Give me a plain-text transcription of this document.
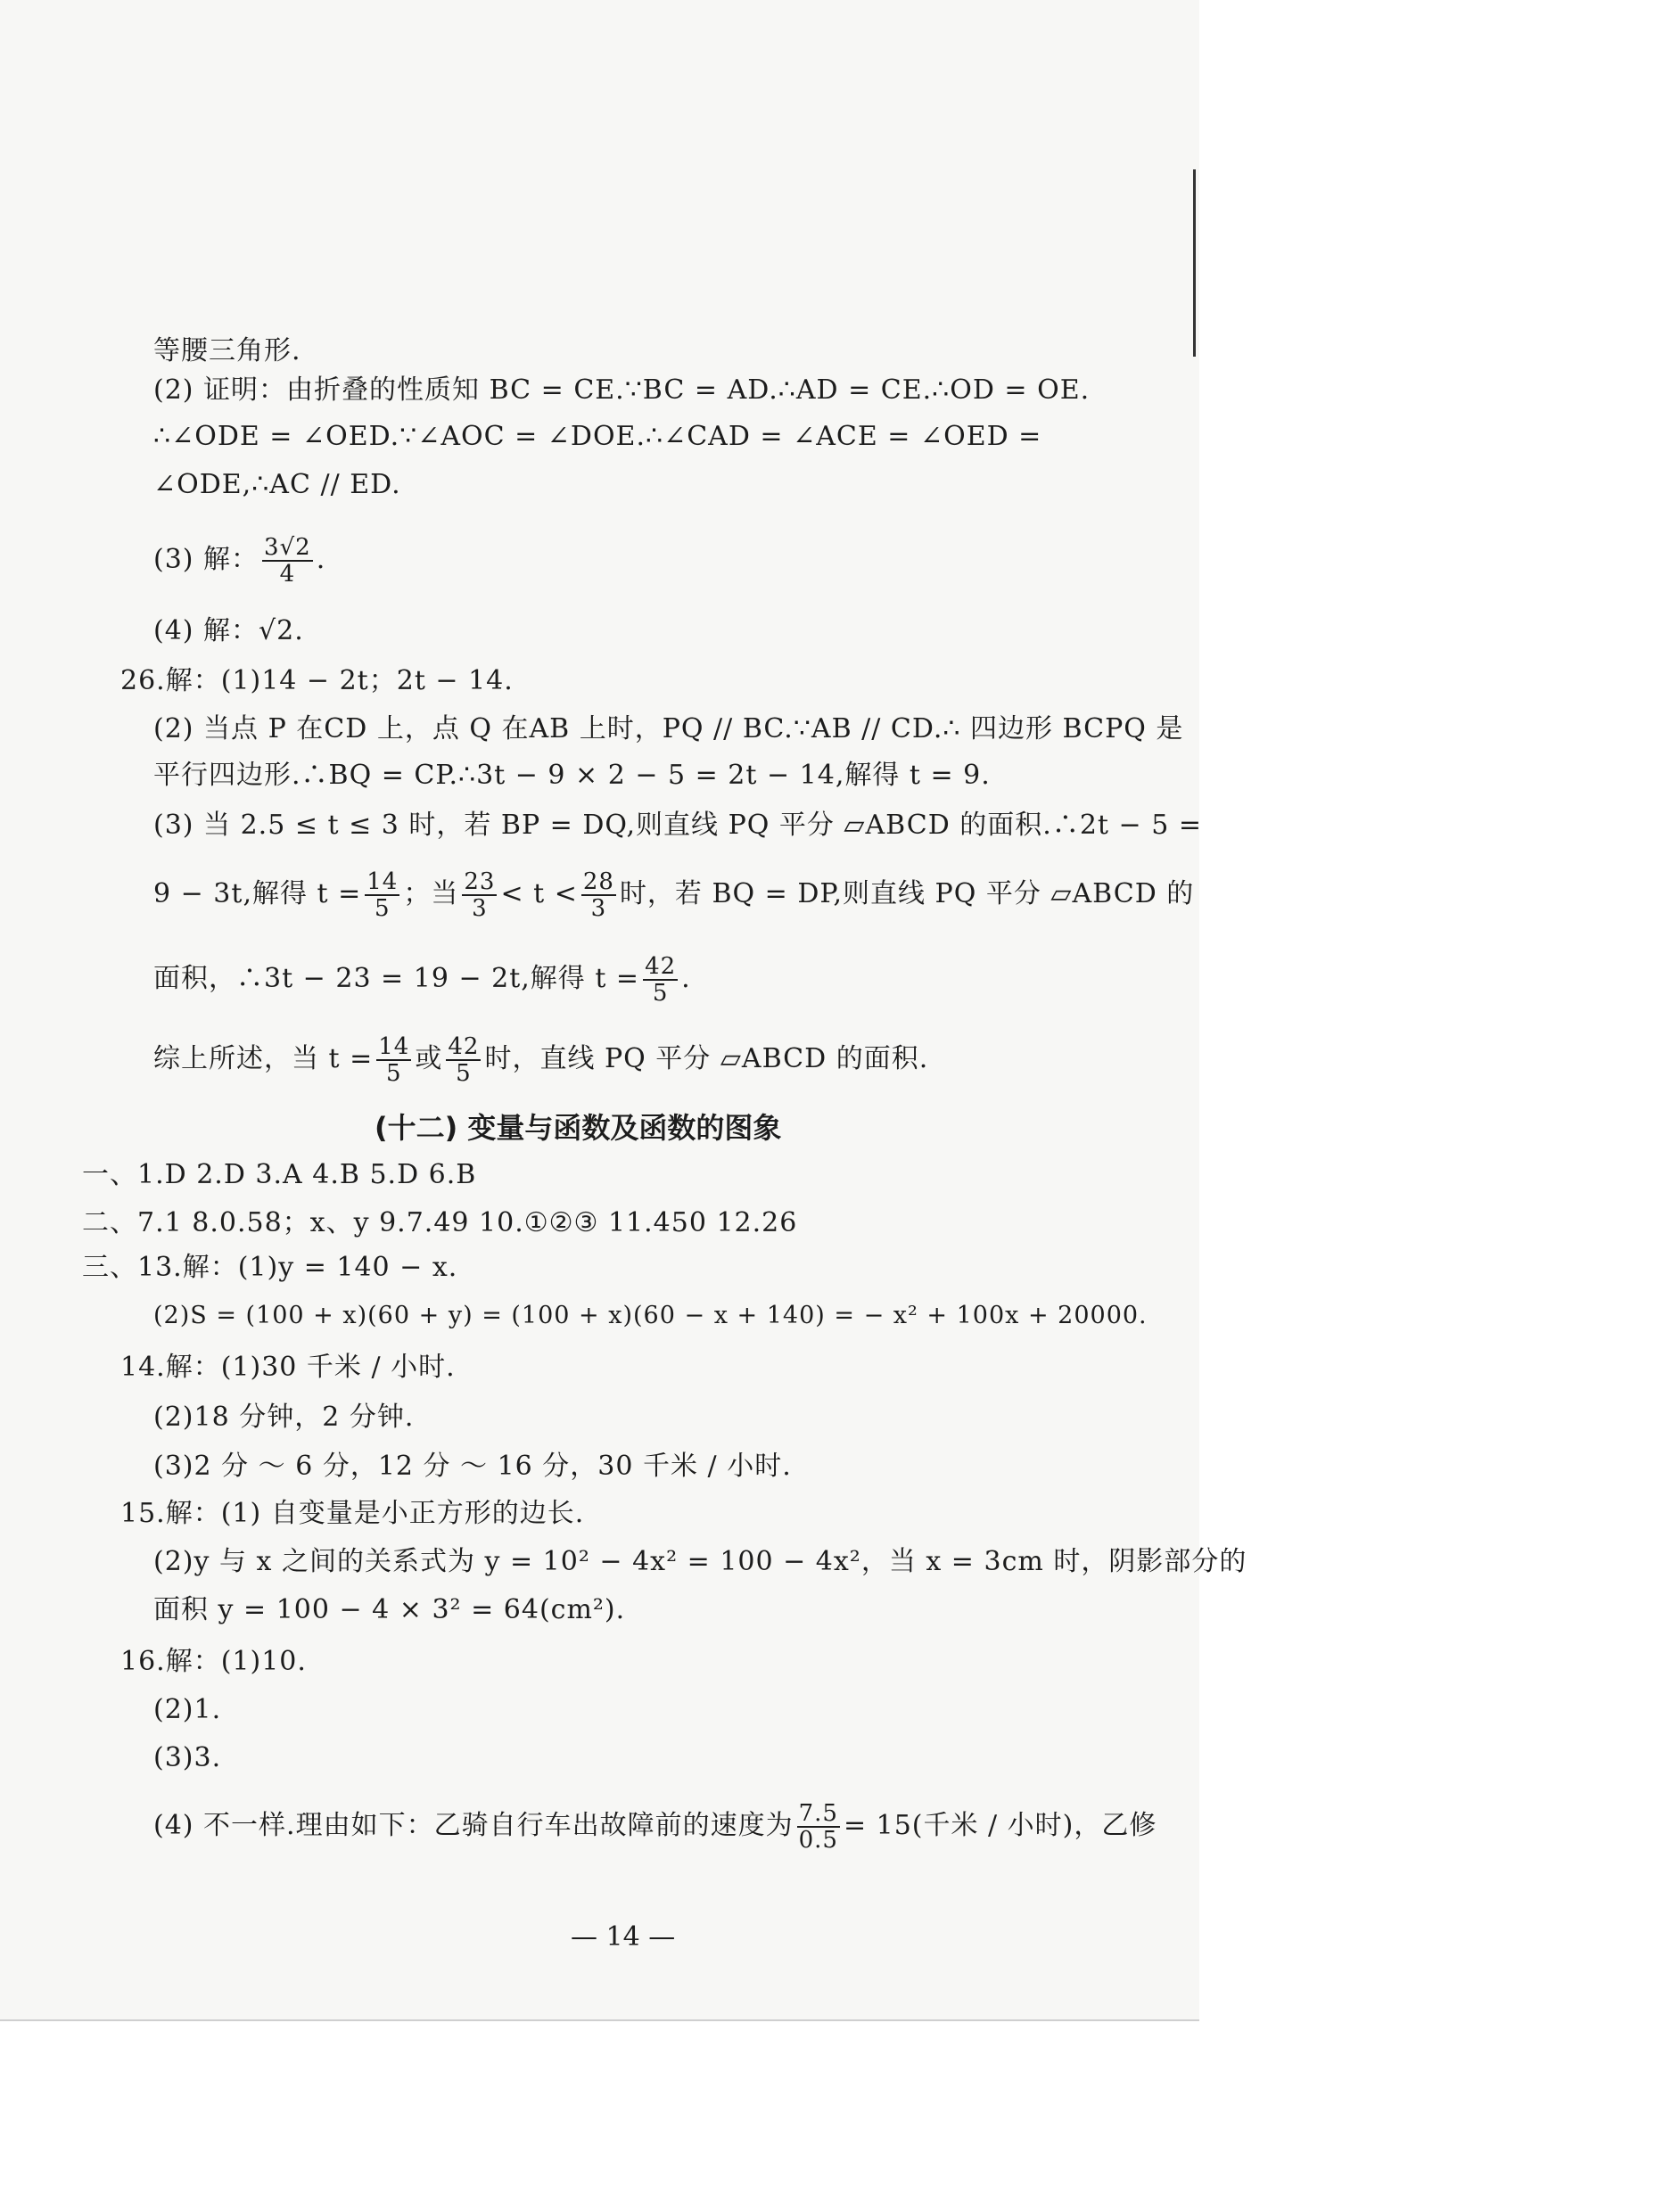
等腰三角形.
(2) 证明：由折叠的性质知 BC = CE.∵BC = AD.∴AD = CE.∴OD = OE.
∴∠ODE = ∠OED.∵∠AOC = ∠DOE.∴∠CAD = ∠ACE = ∠OED =
∠ODE,∴AC // ED.
(3) 解： $\frac{3√2}{4}$ .
(4) 解：√2.
26.解：(1)14 − 2t；2t − 14.
(2) 当点 P 在CD 上，点 Q 在AB 上时，PQ // BC.∵AB // CD.∴ 四边形 BCPQ 是
平行四边形.∴BQ = CP.∴3t − 9 × 2 − 5 = 2t − 14,解得 t = 9.
(3) 当 2.5 ≤ t ≤ 3 时，若 BP = DQ,则直线 PQ 平分 ▱ABCD 的面积.∴2t − 5 =
9 − 3t,解得 $t = \frac{14}{5}$ ；当 $\frac{23}{3} < t < \frac{28}{3}$ 时，若 BQ = DP,则直线 PQ 平分 ▱ABCD 的
面积，∴3t − 23 = 19 − 2t,解得 $t = \frac{42}{5}$ .
综上所述，当 $t = \frac{14}{5}$ 或 $\frac{42}{5}$ 时，直线 PQ 平分 ▱ABCD 的面积.
(十二) 变量与函数及函数的图象
一、1.D 2.D 3.A 4.B 5.D 6.B
二、7.1 8.0.58；x、y 9.7.49 10.①②③ 11.450 12.26
三、13.解：(1)y = 140 − x.
(2)S = (100 + x)(60 + y) = (100 + x)(60 − x + 140) = − x² + 100x + 20000.
14.解：(1)30 千米 / 小时.
(2)18 分钟，2 分钟.
(3)2 分 ～ 6 分，12 分 ～ 16 分，30 千米 / 小时.
15.解：(1) 自变量是小正方形的边长.
(2)y 与 x 之间的关系式为 y = 10² − 4x² = 100 − 4x²，当 x = 3cm 时，阴影部分的
面积 y = 100 − 4 × 3² = 64(cm²).
16.解：(1)10.
(2)1.
(3)3.
(4) 不一样.理由如下：乙骑自行车出故障前的速度为 $\frac{7.5}{0.5} = 15$(千米 / 小时)，乙修
— 14 —
